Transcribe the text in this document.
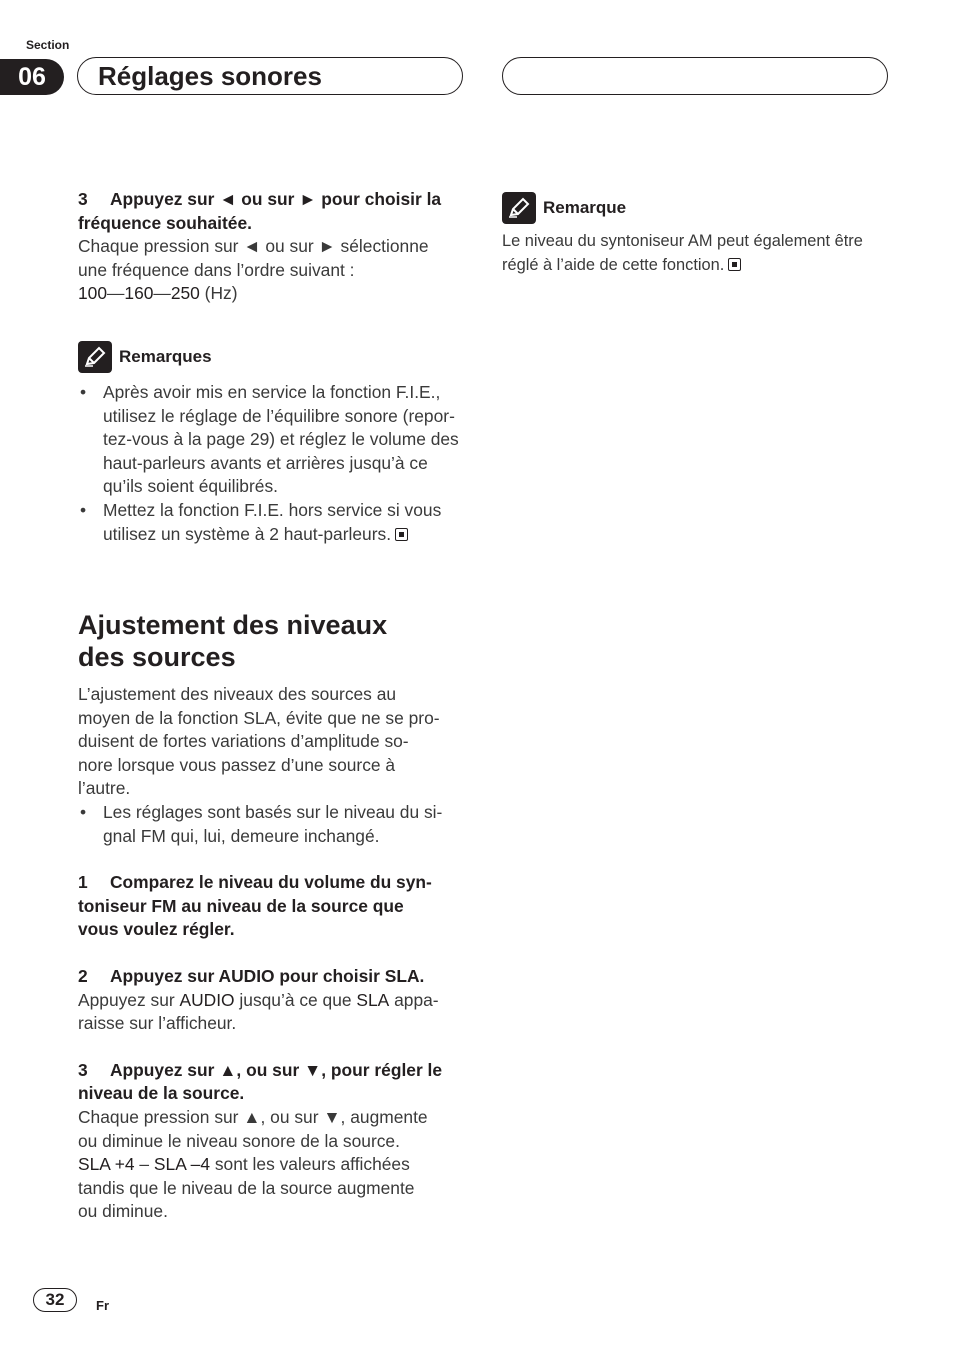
Section
06	Réglages sonores

3 Appuyez sur ◄ ou sur ► pour choisir la
fréquence souhaitée.

Chaque pression sur ◄ ou sur ► sélectionne
une fréquence dans l’ordre suivant :
100—160—250 (Hz)

Remarques
• Après avoir mis en service la fonction F.I.E.,
utilisez le réglage de l’équilibre sonore (repor-
tez-vous à la page 29) et réglez le volume des
haut-parleurs avants et arrières jusqu’à ce
qu’ils soient équilibrés.
• Mettez la fonction F.I.E. hors service si vous
utilisez un système à 2 haut-parleurs.
Ajustement des niveaux
des sources

L’ajustement des niveaux des sources au
moyen de la fonction SLA, évite que ne se pro-
duisent de fortes variations d’amplitude so-
nore lorsque vous passez d’une source à
l’autre.

• Les réglages sont basés sur le niveau du si-
gnal FM qui, lui, demeure inchangé.

1 Comparez le niveau du volume du syn-
toniseur FM au niveau de la source que
vous voulez régler.

2 Appuyez sur AUDIO pour choisir SLA.

Appuyez sur AUDIO jusqu’à ce que SLA appa-
raisse sur l’afficheur.

3 Appuyez sur ▲, ou sur ▼, pour régler le
niveau de la source.

Chaque pression sur ▲, ou sur ▼, augmente
ou diminue le niveau sonore de la source.
SLA +4 – SLA –4 sont les valeurs affichées
tandis que le niveau de la source augmente
ou diminue.

Remarque

Le niveau du syntoniseur AM peut également être
réglé à l’aide de cette fonction.

32	Fr
